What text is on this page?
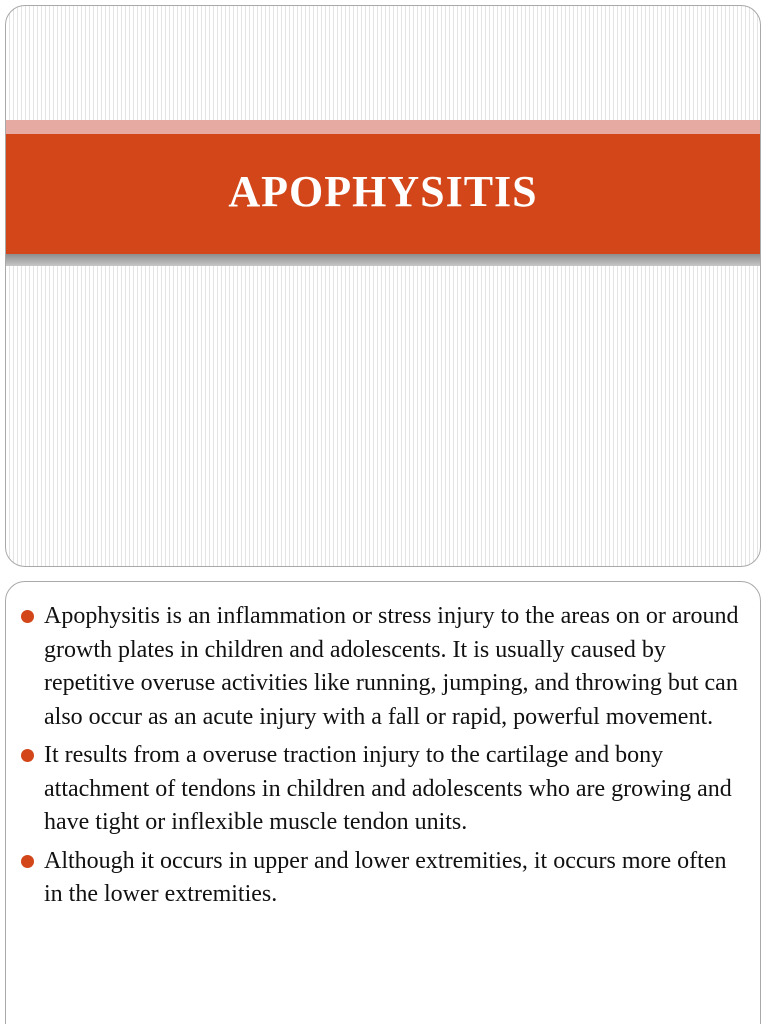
APOPHYSITIS
Apophysitis is an inflammation or stress injury to the areas on or around growth plates in children and adolescents. It is usually caused by repetitive overuse activities like running, jumping, and throwing but can also occur as an acute injury with a fall or rapid, powerful movement.
It results from a overuse traction injury to the cartilage and bony attachment of tendons in children and adolescents who are growing and have tight or inflexible muscle tendon units.
Although it occurs in upper and lower extremities, it occurs more often in the lower extremities.
